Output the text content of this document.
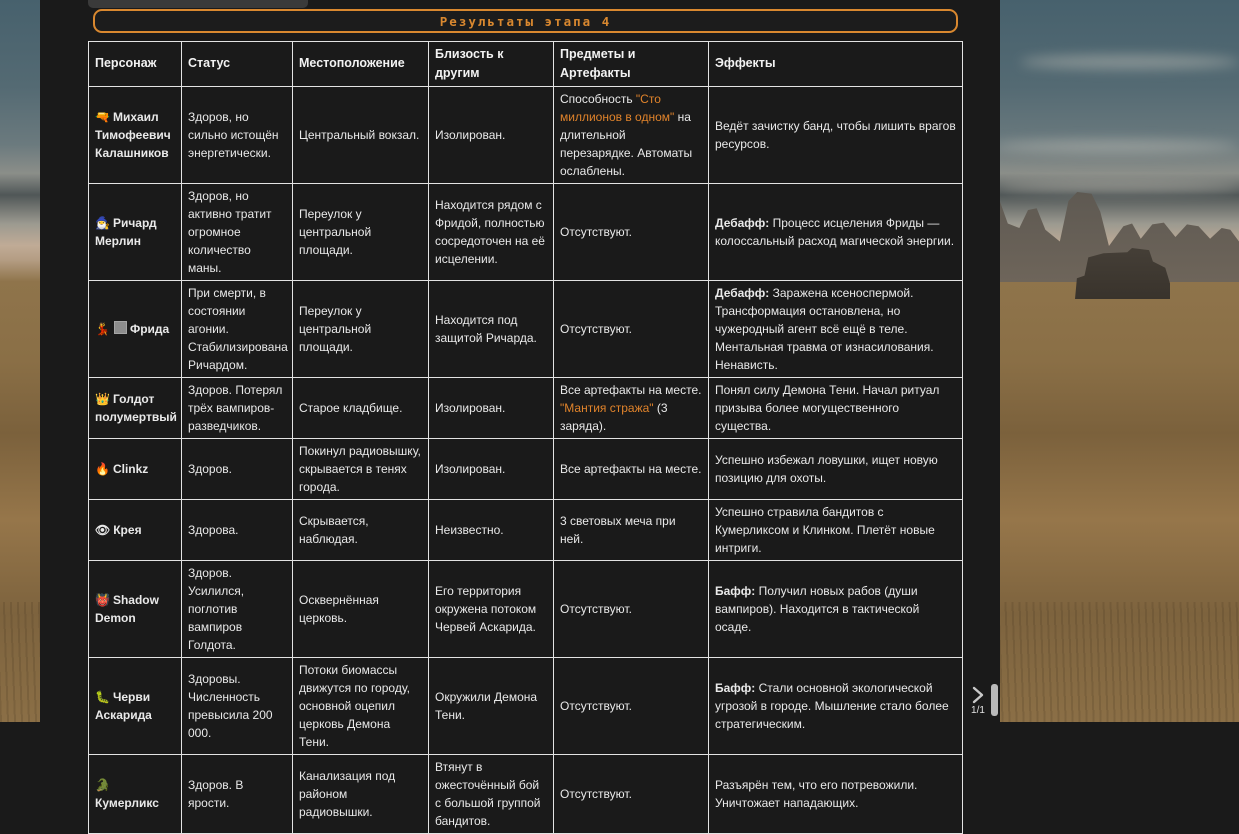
Результаты этапа 4
Персонаж	Статус	Местоположение	Близость к другим	Предметы и Артефакты	Эффекты
🔫 Михаил Тимофеевич Калашников	Здоров, но сильно истощён энергетически.	Центральный вокзал.	Изолирован.	Способность "Сто миллионов в одном" на длительной перезарядке. Автоматы ослаблены.	Ведёт зачистку банд, чтобы лишить врагов ресурсов.
🧙‍♂️ Ричард Мерлин	Здоров, но активно тратит огромное количество маны.	Переулок у центральной площади.	Находится рядом с Фридой, полностью сосредоточен на её исцелении.	Отсутствуют.	Дебафф: Процесс исцеления Фриды — колоссальный расход магической энергии.
💃 Фрида	При смерти, в состоянии агонии. Стабилизирована Ричардом.	Переулок у центральной площади.	Находится под защитой Ричарда.	Отсутствуют.	Дебафф: Заражена ксеноспермой. Трансформация остановлена, но чужеродный агент всё ещё в теле. Ментальная травма от изнасилования. Ненависть.
👑 Голдот полумертвый	Здоров. Потерял трёх вампиров-разведчиков.	Старое кладбище.	Изолирован.	Все артефакты на месте. "Мантия стража" (3 заряда).	Понял силу Демона Тени. Начал ритуал призыва более могущественного существа.
🔥 Clinkz	Здоров.	Покинул радиовышку, скрывается в тенях города.	Изолирован.	Все артефакты на месте.	Успешно избежал ловушки, ищет новую позицию для охоты.
👁 Крея	Здорова.	Скрывается, наблюдая.	Неизвестно.	3 световых меча при ней.	Успешно стравила бандитов с Кумерликсом и Клинком. Плетёт новые интриги.
👹 Shadow Demon	Здоров. Усилился, поглотив вампиров Голдота.	Осквернённая церковь.	Его территория окружена потоком Червей Аскарида.	Отсутствуют.	Бафф: Получил новых рабов (души вампиров). Находится в тактической осаде.
🐛 Черви Аскарида	Здоровы. Численность превысила 200 000.	Потоки биомассы движутся по городу, основной оцепил церковь Демона Тени.	Окружили Демона Тени.	Отсутствуют.	Бафф: Стали основной экологической угрозой в городе. Мышление стало более стратегическим.
🐊Кумерликс	Здоров. В ярости.	Канализация под районом радиовышки.	Втянут в ожесточённый бой с большой группой бандитов.	Отсутствуют.	Разъярён тем, что его потревожили. Уничтожает нападающих.
1/1
